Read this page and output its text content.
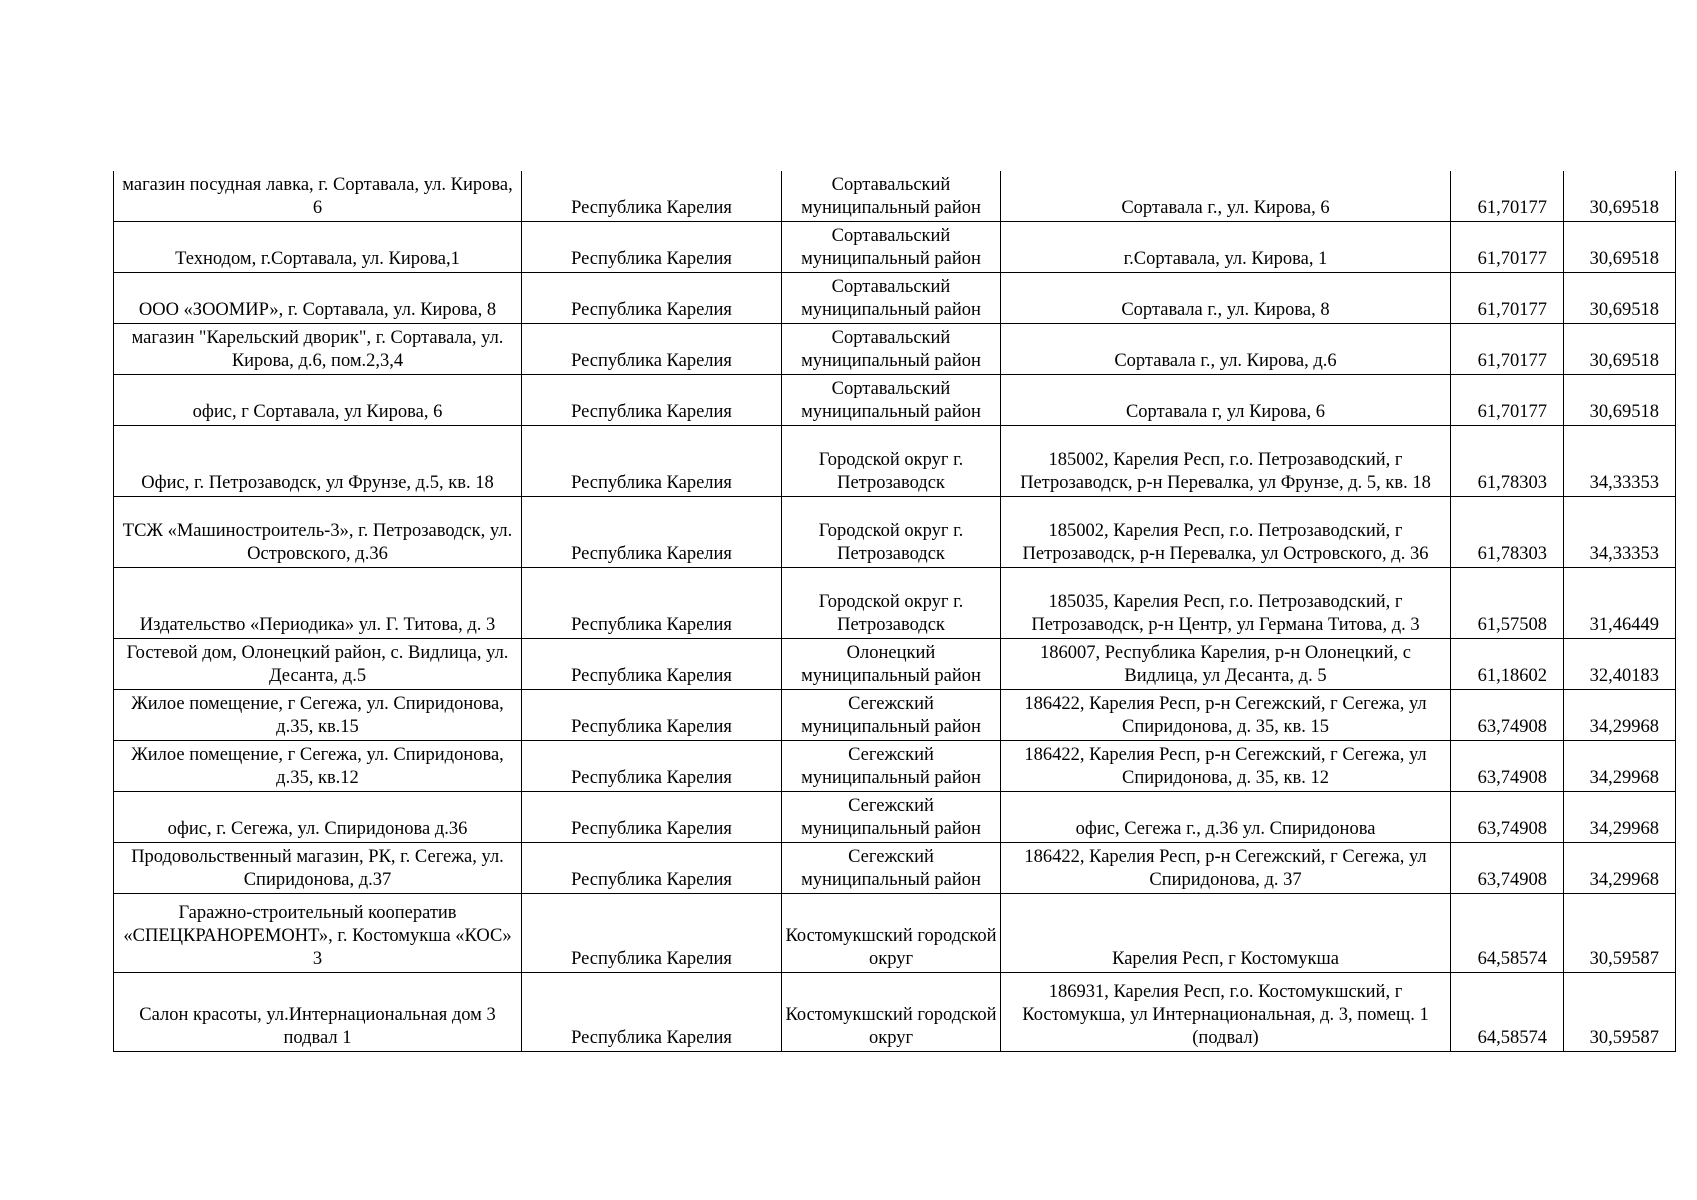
магазин посудная лавка, г. Сортавала, ул. Кирова, 6	Республика Карелия	Сортавальский муниципальный район	Сортавала г., ул. Кирова, 6	61,70177	30,69518
Технодом, г.Сортавала, ул. Кирова,1	Республика Карелия	Сортавальский муниципальный район	г.Сортавала, ул. Кирова, 1	61,70177	30,69518
ООО «ЗООМИР», г. Сортавала, ул. Кирова, 8	Республика Карелия	Сортавальский муниципальный район	Сортавала г., ул. Кирова, 8	61,70177	30,69518
магазин "Карельский дворик", г. Сортавала, ул. Кирова, д.6, пом.2,3,4	Республика Карелия	Сортавальский муниципальный район	Сортавала г., ул. Кирова, д.6	61,70177	30,69518
офис, г Сортавала, ул Кирова, 6	Республика Карелия	Сортавальский муниципальный район	Сортавала г, ул Кирова, 6	61,70177	30,69518
Офис, г. Петрозаводск, ул Фрунзе, д.5, кв. 18	Республика Карелия	Городской округ г. Петрозаводск	185002, Карелия Респ, г.о. Петрозаводский, г Петрозаводск, р-н Перевалка, ул Фрунзе, д. 5, кв. 18	61,78303	34,33353
ТСЖ «Машиностроитель-3», г. Петрозаводск, ул. Островского, д.36	Республика Карелия	Городской округ г. Петрозаводск	185002, Карелия Респ, г.о. Петрозаводский, г Петрозаводск, р-н Перевалка, ул Островского, д. 36	61,78303	34,33353
Издательство «Периодика» ул. Г. Титова, д. 3	Республика Карелия	Городской округ г. Петрозаводск	185035, Карелия Респ, г.о. Петрозаводский, г Петрозаводск, р-н Центр, ул Германа Титова, д. 3	61,57508	31,46449
Гостевой дом, Олонецкий район, с. Видлица, ул. Десанта, д.5	Республика Карелия	Олонецкий муниципальный район	186007, Республика Карелия, р-н Олонецкий, с Видлица, ул Десанта, д. 5	61,18602	32,40183
Жилое помещение, г Сегежа, ул. Спиридонова, д.35, кв.15	Республика Карелия	Сегежский муниципальный район	186422, Карелия Респ, р-н Сегежский, г Сегежа, ул Спиридонова, д. 35, кв. 15	63,74908	34,29968
Жилое помещение, г Сегежа, ул. Спиридонова, д.35, кв.12	Республика Карелия	Сегежский муниципальный район	186422, Карелия Респ, р-н Сегежский, г Сегежа, ул Спиридонова, д. 35, кв. 12	63,74908	34,29968
офис, г. Сегежа, ул. Спиридонова д.36	Республика Карелия	Сегежский муниципальный район	офис, Сегежа г., д.36 ул. Спиридонова	63,74908	34,29968
Продовольственный магазин, РК, г. Сегежа, ул. Спиридонова, д.37	Республика Карелия	Сегежский муниципальный район	186422, Карелия Респ, р-н Сегежский, г Сегежа, ул Спиридонова, д. 37	63,74908	34,29968
Гаражно-строительный кооператив «СПЕЦКРАНОРЕМОНТ», г. Костомукша «КОС» 3	Республика Карелия	Костомукшский городской округ	Карелия Респ, г Костомукша	64,58574	30,59587
Салон красоты, ул.Интернациональная дом 3 подвал 1	Республика Карелия	Костомукшский городской округ	186931, Карелия Респ, г.о. Костомукшский, г Костомукша, ул Интернациональная, д. 3, помещ. 1 (подвал)	64,58574	30,59587
